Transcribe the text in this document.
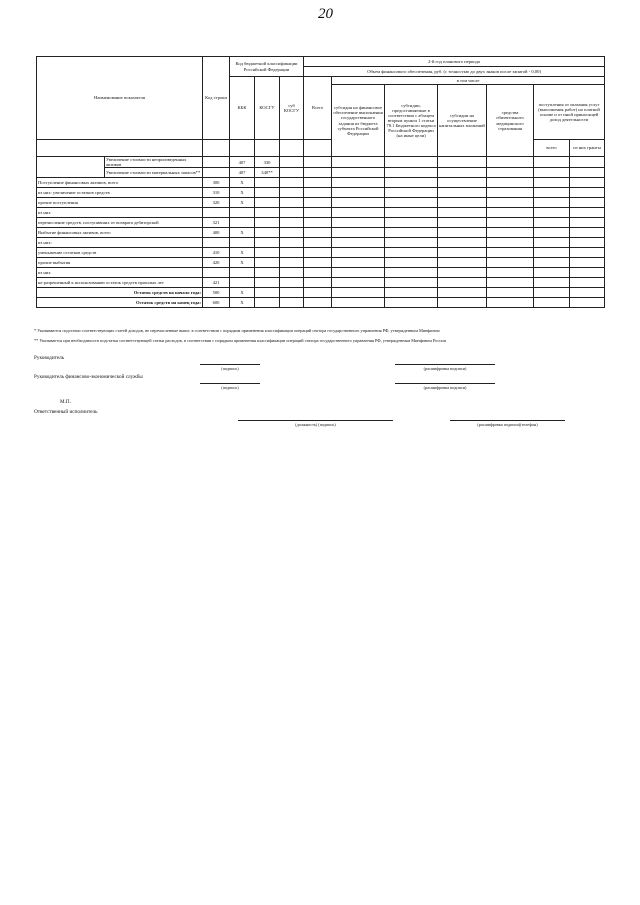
20
Наименование показателя		Код строки	Код бюджетной классификации Российской Федерации			2-й год планового периода						
						Объем финансового обеспечения, руб. (с точностью до двух знаков после запятой - 0,00)						
			КБК	КОСГУ	суб КОСГУ	Всего	в том числе					
							субсидия на финансовое обеспечение выполнения государственного задания из бюджета субъекта Российской Федерации	субсидии, предоставляемые в соответствии с абзацем вторым пункта 1 статьи 78.1 Бюджетного кодекса Российской Федерации (на иные цели)	субсидии на осуществление капитальных вложений	средства обязательного медицинского страхования	поступления от оказания услуг (выполнения работ) на платной основе и от иной приносящей доход деятельности	
											всего	из них гранты
	Увеличение стоимости непроизведенных активов		407	330								
	Увеличение стоимости материальных запасов**		407	340**								
Поступление финансовых активов, всего		300	X									
из них: увеличение остатков средств		310	X									
прочие поступления		320	X									
из них												
перечисление средств, поступивших от возврата дебиторской		321										
Выбытие финансовых активов, всего		400	X									
из них:												
уменьшение остатков средств		410	X									
прочие выбытия		420	X									
из них												
не разрешенный к использованию остаток средств прошлых лет		421										
Остаток средств на начало года:		500	X									
Остаток средств на конец года:		600	X									
* Указываются подстатьи соответствующих статей доходов, не перечисленные выше, в соответствии с порядком применения классификации операций сектора государственного управления РФ, утвержденным Минфином
** Указывается при необходимости подстатья соответствующей статьи расходов, в соответствии с порядком применения классификации операций сектора государственного управления РФ, утвержденным Минфином России
Руководитель
(подпись)	(расшифровка подписи)
Руководитель финансово-экономической службы
(подпись)	(расшифровка подписи)
М.П.
Ответственный исполнитель
(должность) (подпись)	(расшифровка подписи)(телефон)
